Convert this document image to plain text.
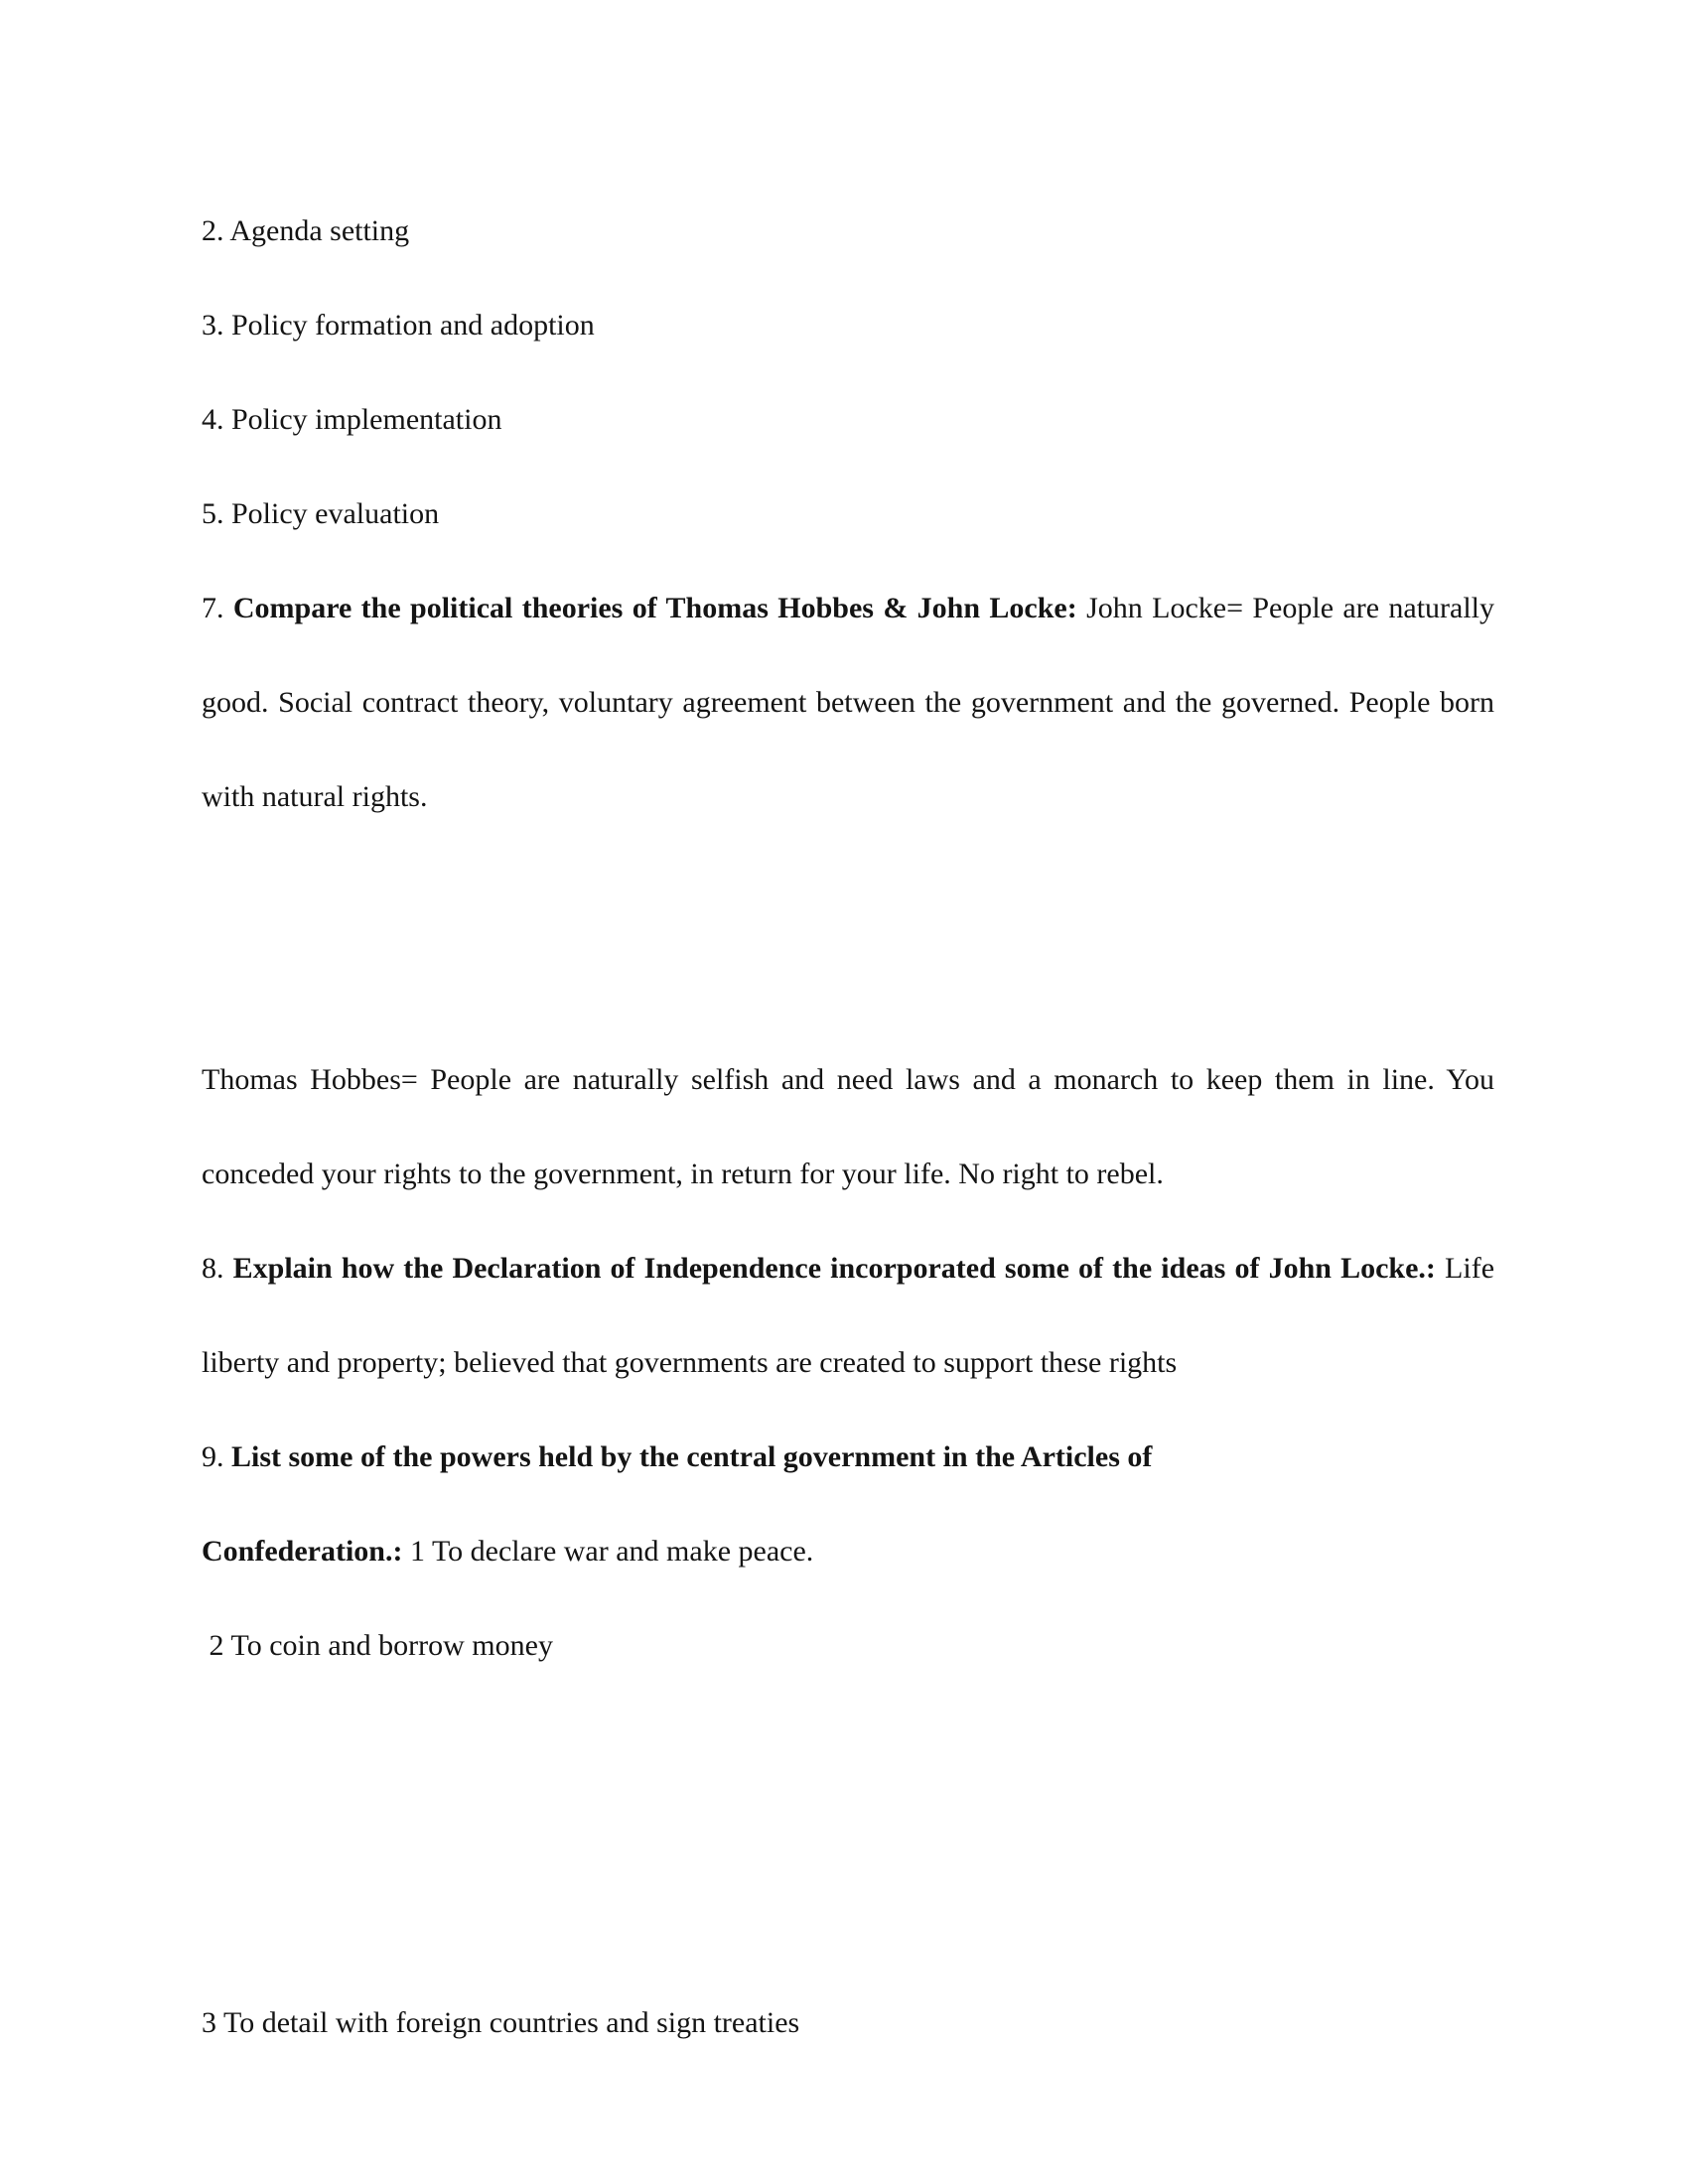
2. Agenda setting

3. Policy formation and adoption

4. Policy implementation

5. Policy evaluation

7. Compare the political theories of Thomas Hobbes & John Locke: John Locke= People are naturally good. Social contract theory, voluntary agreement between the government and the governed. People born with natural rights.

Thomas Hobbes= People are naturally selfish and need laws and a monarch to keep them in line. You conceded your rights to the government, in return for your life. No right to rebel.

8. Explain how the Declaration of Independence incorporated some of the ideas of John Locke.: Life liberty and property; believed that governments are created to support these rights

9. List some of the powers held by the central government in the Articles of

Confederation.: 1 To declare war and make peace.

2 To coin and borrow money

3 To detail with foreign countries and sign treaties
